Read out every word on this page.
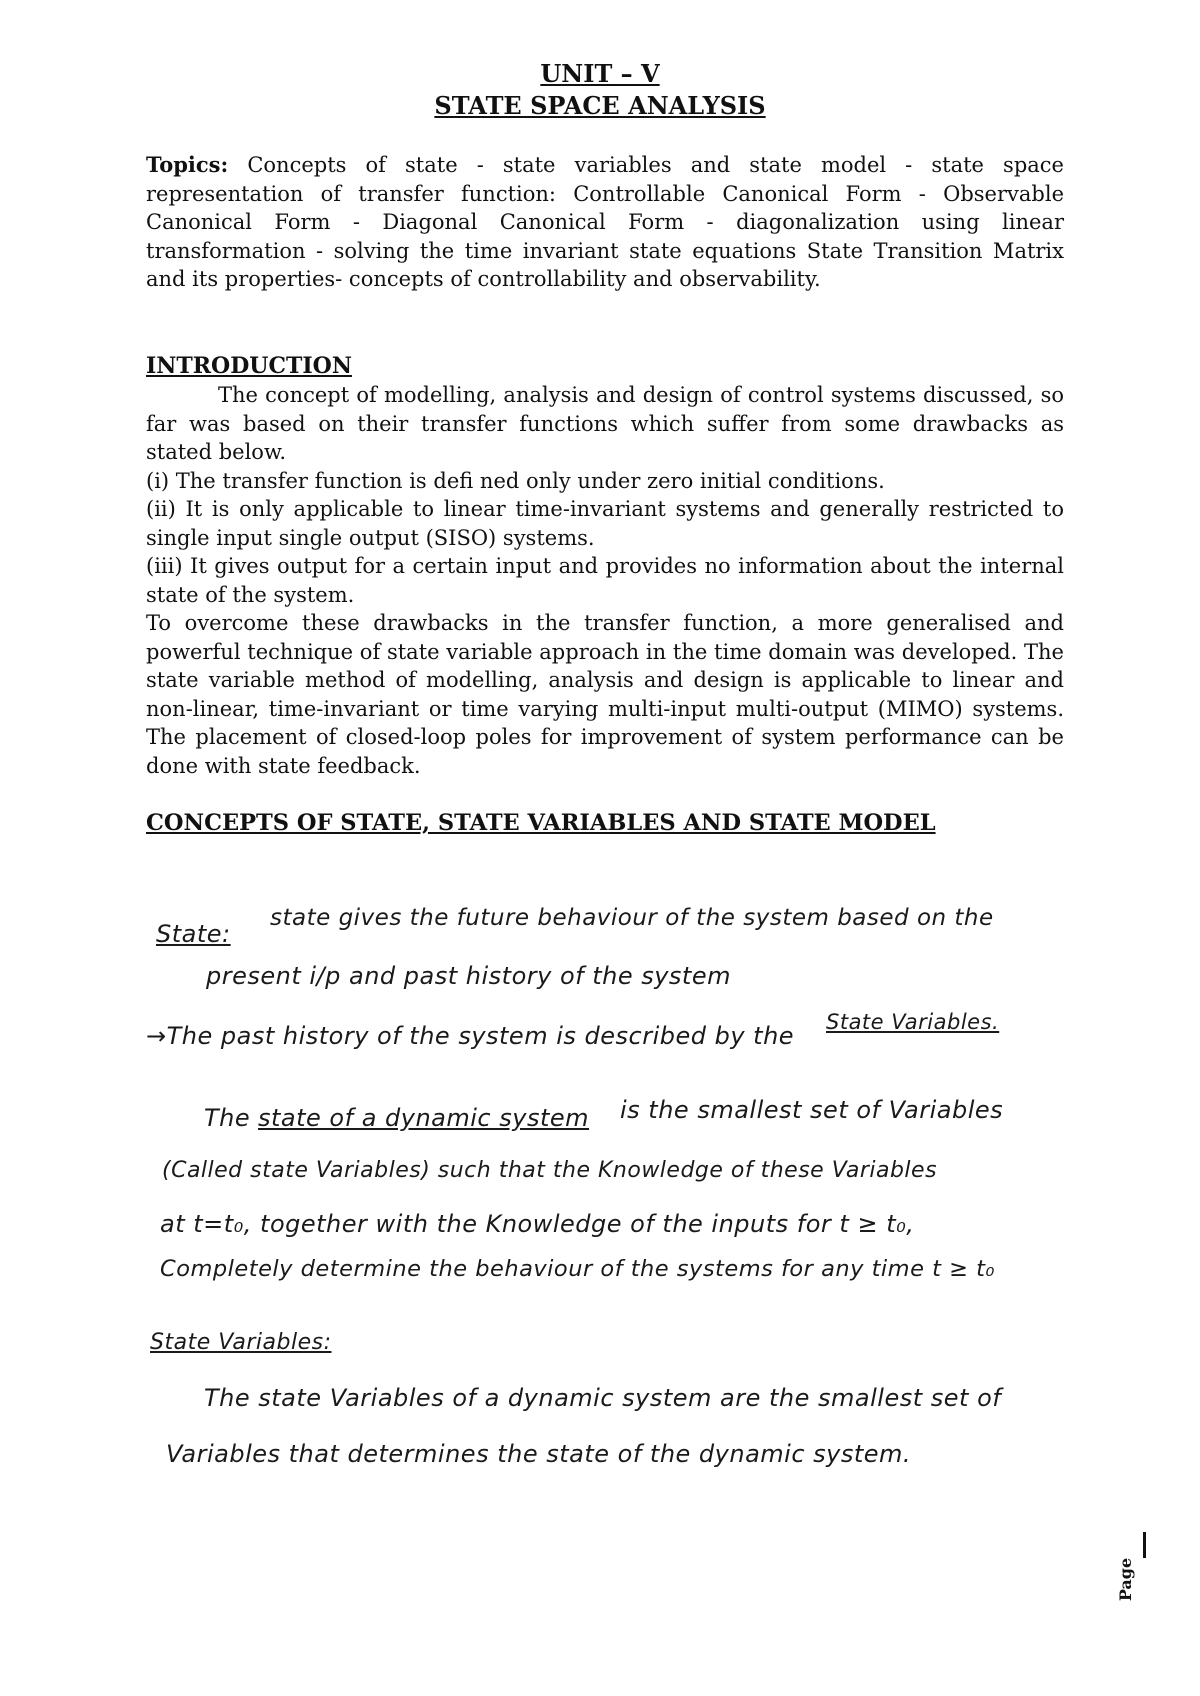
UNIT – V

STATE SPACE ANALYSIS

Topics: Concepts of state - state variables and state model - state space representation of transfer function: Controllable Canonical Form - Observable Canonical Form - Diagonal Canonical Form - diagonalization using linear transformation - solving the time invariant state equations State Transition Matrix and its properties- concepts of controllability and observability.
INTRODUCTION

The concept of modelling, analysis and design of control systems discussed, so far was based on their transfer functions which suffer from some drawbacks as stated below.

(i) The transfer function is defi ned only under zero initial conditions.

(ii) It is only applicable to linear time-invariant systems and generally restricted to single input single output (SISO) systems.

(iii) It gives output for a certain input and provides no information about the internal state of the system.

To overcome these drawbacks in the transfer function, a more generalised and powerful technique of state variable approach in the time domain was developed. The state variable method of modelling, analysis and design is applicable to linear and non-linear, time-invariant or time varying multi-input multi-output (MIMO) systems. The placement of closed-loop poles for improvement of system performance can be done with state feedback.

CONCEPTS OF STATE, STATE VARIABLES AND STATE MODEL
State:
state gives the future behaviour of the system based on the
present i/p and past history of the system
→The past history of the system is described by the State Variables.
The state of a dynamic system is the smallest set of Variables
(Called state Variables) such that the Knowledge of these Variables
at t=t₀, together with the Knowledge of the inputs for t ≥ t₀,
Completely determine the behaviour of the systems for any time t ≥ t₀
State Variables:
The state Variables of a dynamic system are the smallest set of
Variables that determines the state of the dynamic system.
Page
